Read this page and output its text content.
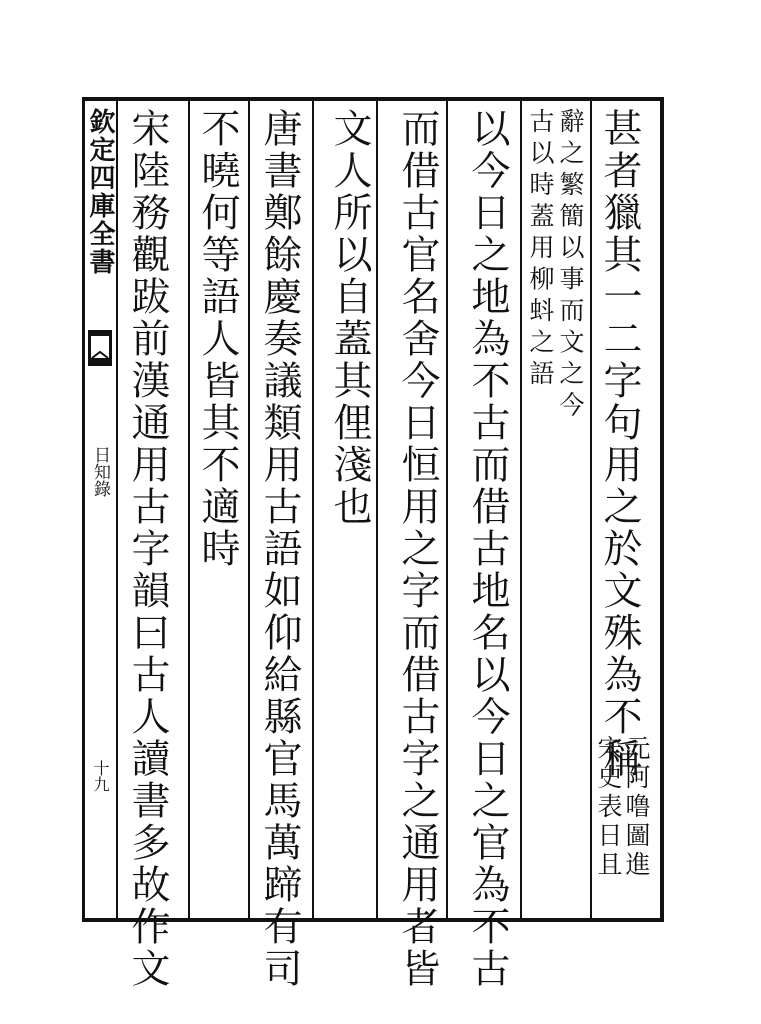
欽定四庫全書
日知錄
十九	甚者獵其一二字句用之於文殊為不稱
元阿噜圖進
宋史表日且
辭之繁簡以事而文之今
古以時蓋用柳蚪之語
以今日之地為不古而借古地名以今日之官為不古
而借古官名舍今日恒用之字而借古字之通用者皆
文人所以自蓋其俚淺也
唐書鄭餘慶奏議類用古語如仰給縣官馬萬蹄有司
不曉何等語人皆其不適時
宋陸務觀跋前漢通用古字韻曰古人讀書多故作文
